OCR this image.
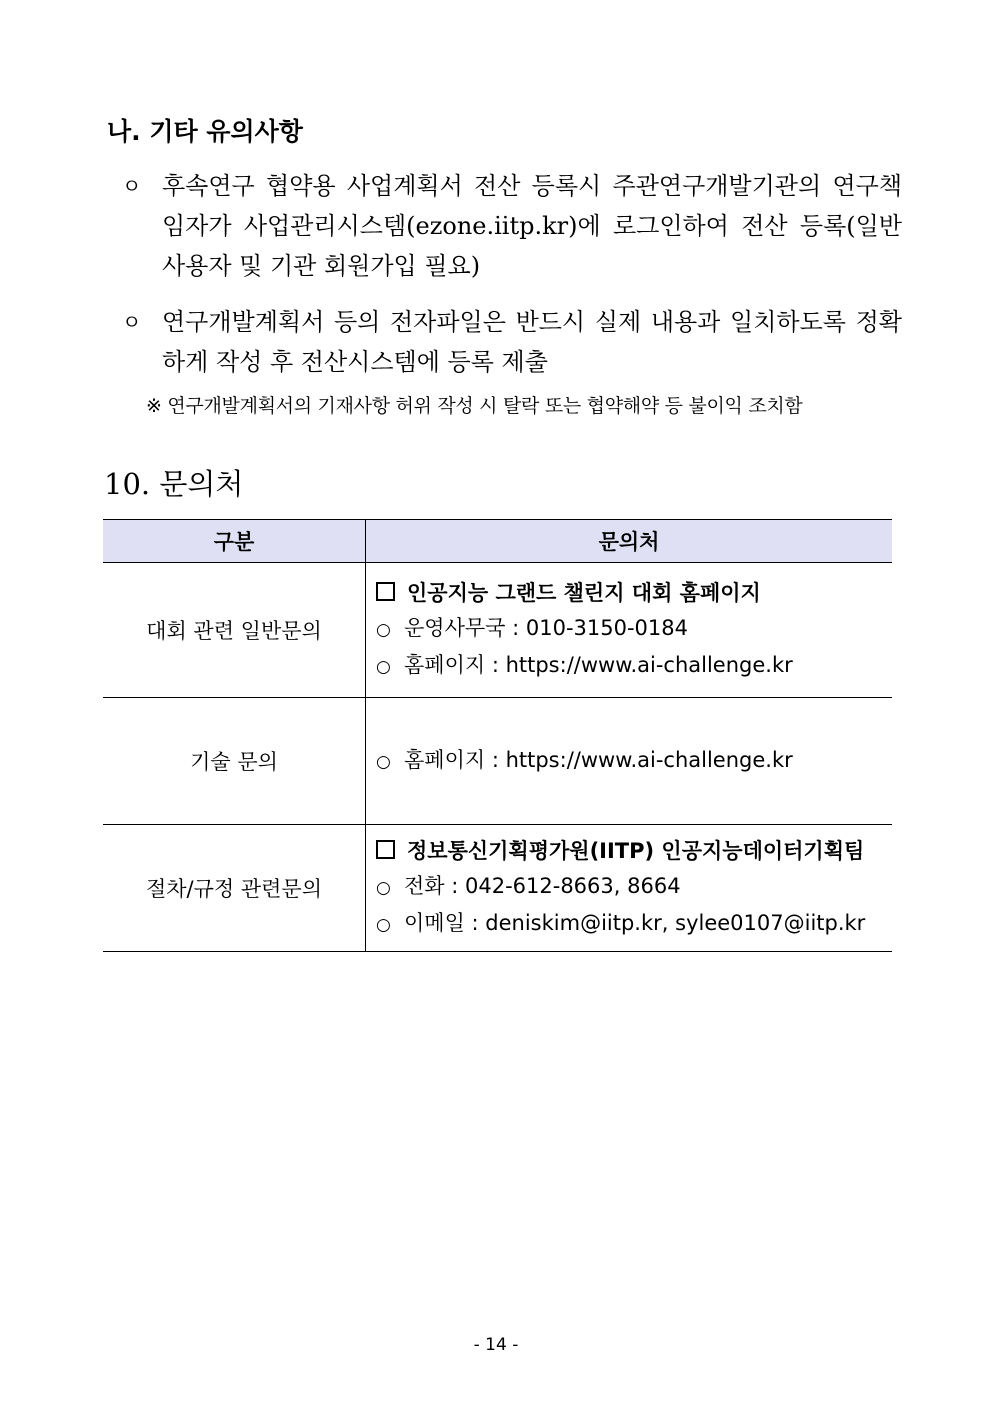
나. 기타 유의사항
ㅇ 후속연구 협약용 사업계획서 전산 등록시 주관연구개발기관의 연구책임자가 사업관리시스템(ezone.iitp.kr)에 로그인하여 전산 등록(일반사용자 및 기관 회원가입 필요)
ㅇ 연구개발계획서 등의 전자파일은 반드시 실제 내용과 일치하도록 정확하게 작성 후 전산시스템에 등록 제출
※ 연구개발계획서의 기재사항 허위 작성 시 탈락 또는 협약해약 등 불이익 조치함
10. 문의처
구분	문의처
대회 관련 일반문의	인공지능 그랜드 챌린지 대회 홈페이지
○ 운영사무국 : 010-3150-0184
○ 홈페이지 : https://www.ai-challenge.kr

기술 문의	○ 홈페이지 : https://www.ai-challenge.kr

절차/규정 관련문의	정보통신기획평가원(IITP) 인공지능데이터기획팀
○ 전화 : 042-612-8663, 8664
○ 이메일 : deniskim@iitp.kr, sylee0107@iitp.kr
- 14 -
